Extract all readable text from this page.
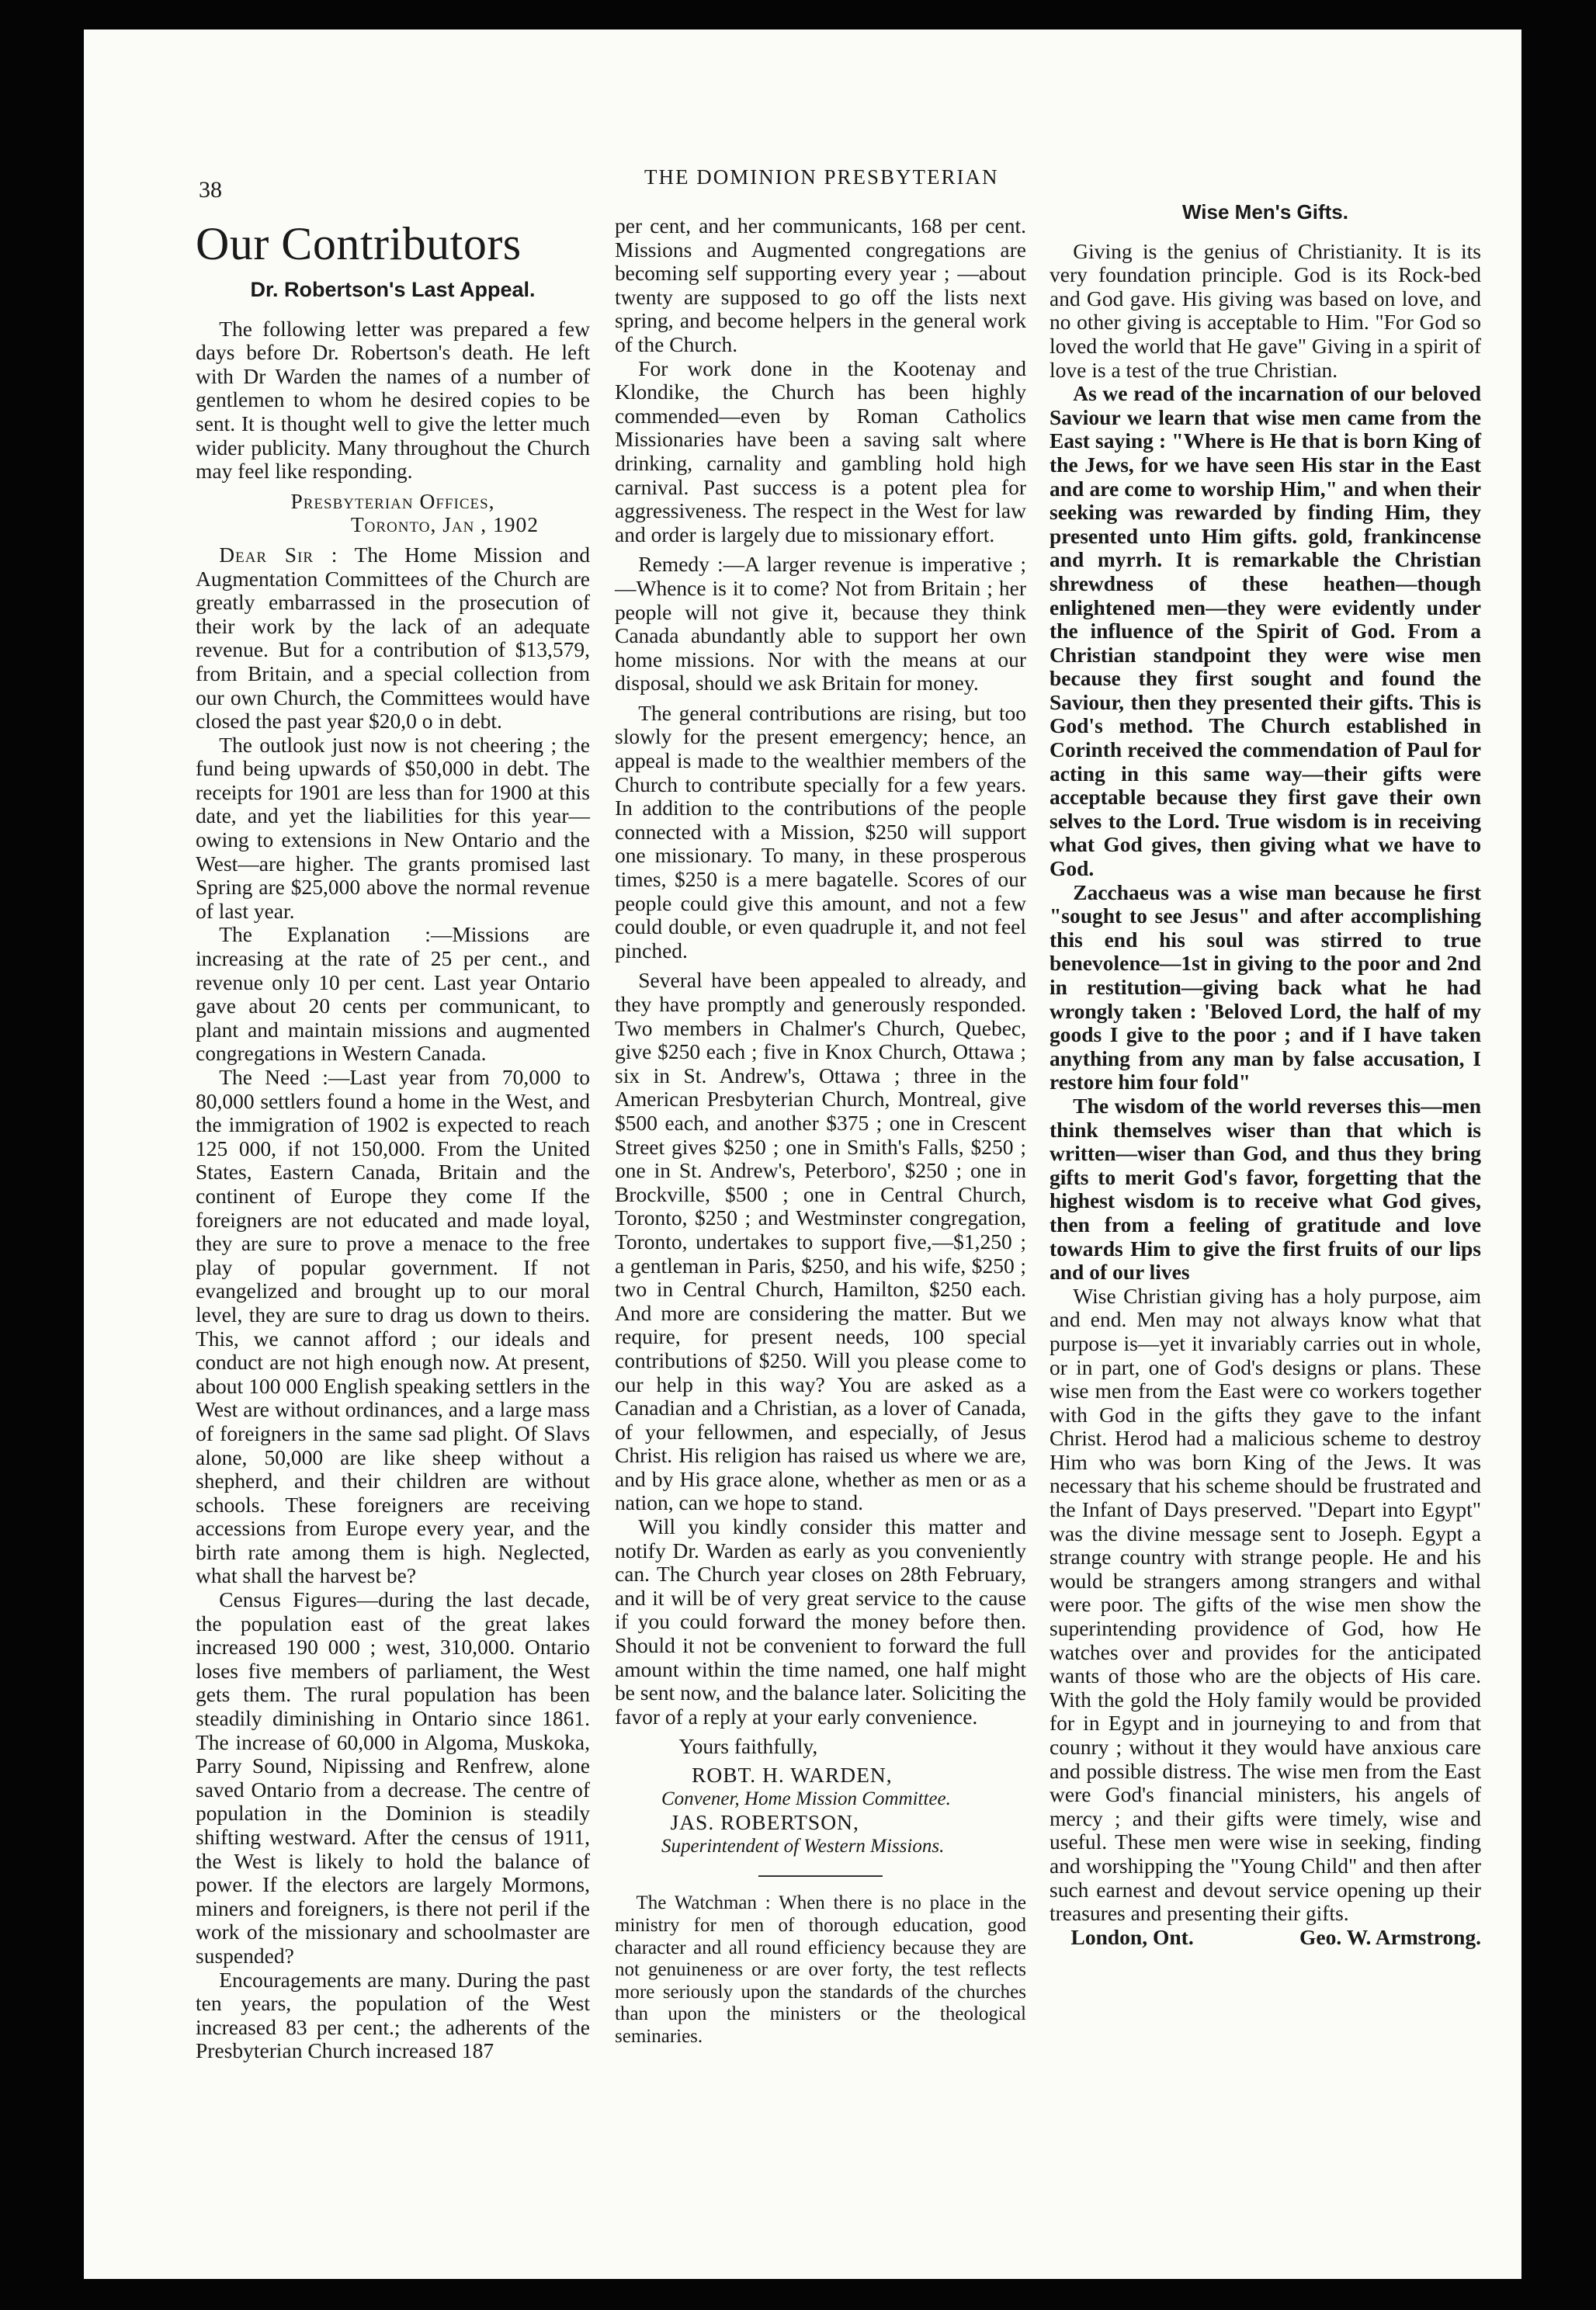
38	THE DOMINION PRESBYTERIAN
Our Contributors
Dr. Robertson's Last Appeal.

The following letter was prepared a few days before Dr. Robertson's death. He left with Dr Warden the names of a number of gentlemen to whom he desired copies to be sent. It is thought well to give the letter much wider publicity. Many throughout the Church may feel like responding.

Presbyterian Offices,

Toronto, Jan , 1902

Dear Sir : The Home Mission and Augmentation Committees of the Church are greatly embarrassed in the prosecution of their work by the lack of an adequate revenue. But for a contribution of $13,579, from Britain, and a special collection from our own Church, the Committees would have closed the past year $20,0 o in debt.

The outlook just now is not cheering ; the fund being upwards of $50,000 in debt. The receipts for 1901 are less than for 1900 at this date, and yet the liabilities for this year—owing to extensions in New Ontario and the West—are higher. The grants promised last Spring are $25,000 above the normal revenue of last year.

The Explanation :—Missions are increasing at the rate of 25 per cent., and revenue only 10 per cent. Last year Ontario gave about 20 cents per communicant, to plant and maintain missions and augmented congregations in Western Canada.

The Need :—Last year from 70,000 to 80,000 settlers found a home in the West, and the immigration of 1902 is expected to reach 125 000, if not 150,000. From the United States, Eastern Canada, Britain and the continent of Europe they come If the foreigners are not educated and made loyal, they are sure to prove a menace to the free play of popular government. If not evangelized and brought up to our moral level, they are sure to drag us down to theirs. This, we cannot afford ; our ideals and conduct are not high enough now. At present, about 100 000 English speaking settlers in the West are without ordinances, and a large mass of foreigners in the same sad plight. Of Slavs alone, 50,000 are like sheep without a shepherd, and their children are without schools. These foreigners are receiving accessions from Europe every year, and the birth rate among them is high. Neglected, what shall the harvest be?

Census Figures—during the last decade, the population east of the great lakes increased 190 000 ; west, 310,000. Ontario loses five members of parliament, the West gets them. The rural population has been steadily diminishing in Ontario since 1861. The increase of 60,000 in Algoma, Muskoka, Parry Sound, Nipissing and Renfrew, alone saved Ontario from a decrease. The centre of population in the Dominion is steadily shifting westward. After the census of 1911, the West is likely to hold the balance of power. If the electors are largely Mormons, miners and foreigners, is there not peril if the work of the missionary and schoolmaster are suspended?

Encouragements are many. During the past ten years, the population of the West increased 83 per cent.; the adherents of the Presbyterian Church increased 187

per cent, and her communicants, 168 per cent. Missions and Augmented congregations are becoming self supporting every year ; —about twenty are supposed to go off the lists next spring, and become helpers in the general work of the Church.

For work done in the Kootenay and Klondike, the Church has been highly commended—even by Roman Catholics Missionaries have been a saving salt where drinking, carnality and gambling hold high carnival. Past success is a potent plea for aggressiveness. The respect in the West for law and order is largely due to missionary effort.

Remedy :—A larger revenue is imperative ;—Whence is it to come? Not from Britain ; her people will not give it, because they think Canada abundantly able to support her own home missions. Nor with the means at our disposal, should we ask Britain for money.

The general contributions are rising, but too slowly for the present emergency; hence, an appeal is made to the wealthier members of the Church to contribute specially for a few years. In addition to the contributions of the people connected with a Mission, $250 will support one missionary. To many, in these prosperous times, $250 is a mere bagatelle. Scores of our people could give this amount, and not a few could double, or even quadruple it, and not feel pinched.

Several have been appealed to already, and they have promptly and generously responded. Two members in Chalmer's Church, Quebec, give $250 each ; five in Knox Church, Ottawa ; six in St. Andrew's, Ottawa ; three in the American Presbyterian Church, Montreal, give $500 each, and another $375 ; one in Crescent Street gives $250 ; one in Smith's Falls, $250 ; one in St. Andrew's, Peterboro', $250 ; one in Brockville, $500 ; one in Central Church, Toronto, $250 ; and Westminster congregation, Toronto, undertakes to support five,—$1,250 ; a gentleman in Paris, $250, and his wife, $250 ; two in Central Church, Hamilton, $250 each. And more are considering the matter. But we require, for present needs, 100 special contributions of $250. Will you please come to our help in this way? You are asked as a Canadian and a Christian, as a lover of Canada, of your fellowmen, and especially, of Jesus Christ. His religion has raised us where we are, and by His grace alone, whether as men or as a nation, can we hope to stand.

Will you kindly consider this matter and notify Dr. Warden as early as you conveniently can. The Church year closes on 28th February, and it will be of very great service to the cause if you could forward the money before then. Should it not be convenient to forward the full amount within the time named, one half might be sent now, and the balance later. Soliciting the favor of a reply at your early convenience.

Yours faithfully,

ROBT. H. WARDEN,

Convener, Home Mission Committee.

JAS. ROBERTSON,

Superintendent of Western Missions.

The Watchman : When there is no place in the ministry for men of thorough education, good character and all round efficiency because they are not genuineness or are over forty, the test reflects more seriously upon the standards of the churches than upon the ministers or the theological seminaries.

Wise Men's Gifts.

Giving is the genius of Christianity. It is its very foundation principle. God is its Rock-bed and God gave. His giving was based on love, and no other giving is acceptable to Him. "For God so loved the world that He gave" Giving in a spirit of love is a test of the true Christian.

As we read of the incarnation of our beloved Saviour we learn that wise men came from the East saying : "Where is He that is born King of the Jews, for we have seen His star in the East and are come to worship Him," and when their seeking was rewarded by finding Him, they presented unto Him gifts. gold, frankincense and myrrh. It is remarkable the Christian shrewdness of these heathen—though enlightened men—they were evidently under the influence of the Spirit of God. From a Christian standpoint they were wise men because they first sought and found the Saviour, then they presented their gifts. This is God's method. The Church established in Corinth received the commendation of Paul for acting in this same way—their gifts were acceptable because they first gave their own selves to the Lord. True wisdom is in receiving what God gives, then giving what we have to God.

Zacchaeus was a wise man because he first "sought to see Jesus" and after accomplishing this end his soul was stirred to true benevolence—1st in giving to the poor and 2nd in restitution—giving back what he had wrongly taken : 'Beloved Lord, the half of my goods I give to the poor ; and if I have taken anything from any man by false accusation, I restore him four fold"

The wisdom of the world reverses this—men think themselves wiser than that which is written—wiser than God, and thus they bring gifts to merit God's favor, forgetting that the highest wisdom is to receive what God gives, then from a feeling of gratitude and love towards Him to give the first fruits of our lips and of our lives

Wise Christian giving has a holy purpose, aim and end. Men may not always know what that purpose is—yet it invariably carries out in whole, or in part, one of God's designs or plans. These wise men from the East were co workers together with God in the gifts they gave to the infant Christ. Herod had a malicious scheme to destroy Him who was born King of the Jews. It was necessary that his scheme should be frustrated and the Infant of Days preserved. "Depart into Egypt" was the divine message sent to Joseph. Egypt a strange country with strange people. He and his would be strangers among strangers and withal were poor. The gifts of the wise men show the superintending providence of God, how He watches over and provides for the anticipated wants of those who are the objects of His care. With the gold the Holy family would be provided for in Egypt and in journeying to and from that counry ; without it they would have anxious care and possible distress. The wise men from the East were God's financial ministers, his angels of mercy ; and their gifts were timely, wise and useful. These men were wise in seeking, finding and worshipping the "Young Child" and then after such earnest and devout service opening up their treasures and presenting their gifts.

London, Ont.	Geo. W. Armstrong.
